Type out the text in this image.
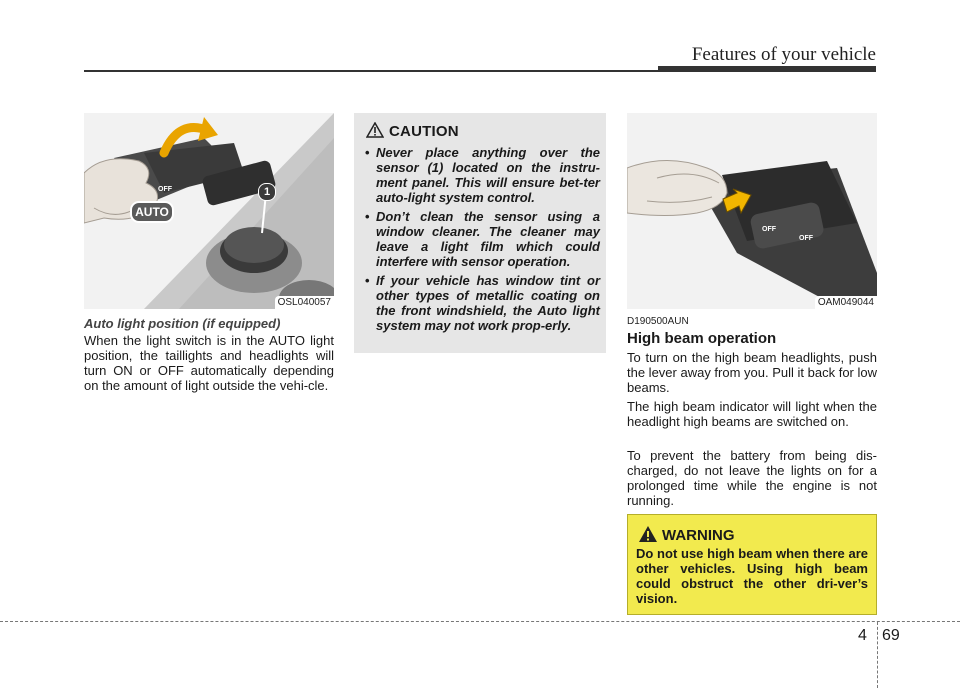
Features of your vehicle
OFF
AUTO
1
OSL040057
Auto light position (if equipped)

When the light switch is in the AUTO light position, the taillights and headlights will turn ON or OFF automatically depending on the amount of light outside the vehi-cle.

CAUTION
• Never place anything over the sensor (1) located on the instru-ment panel. This will ensure bet-ter auto-light system control.
• Don’t clean the sensor using a window cleaner. The cleaner may leave a light film which could interfere with sensor operation.
• If your vehicle has window tint or other types of metallic coating on the front windshield, the Auto light system may not work prop-erly.
OFF
OFF
OAM049044
D190500AUN
High beam operation

To turn on the high beam headlights, push the lever away from you. Pull it back for low beams.

The high beam indicator will light when the headlight high beams are switched on.

To prevent the battery from being dis-charged, do not leave the lights on for a prolonged time while the engine is not running.

WARNING

Do not use high beam when there are other vehicles. Using high beam could obstruct the other dri-ver’s vision.

4 69
